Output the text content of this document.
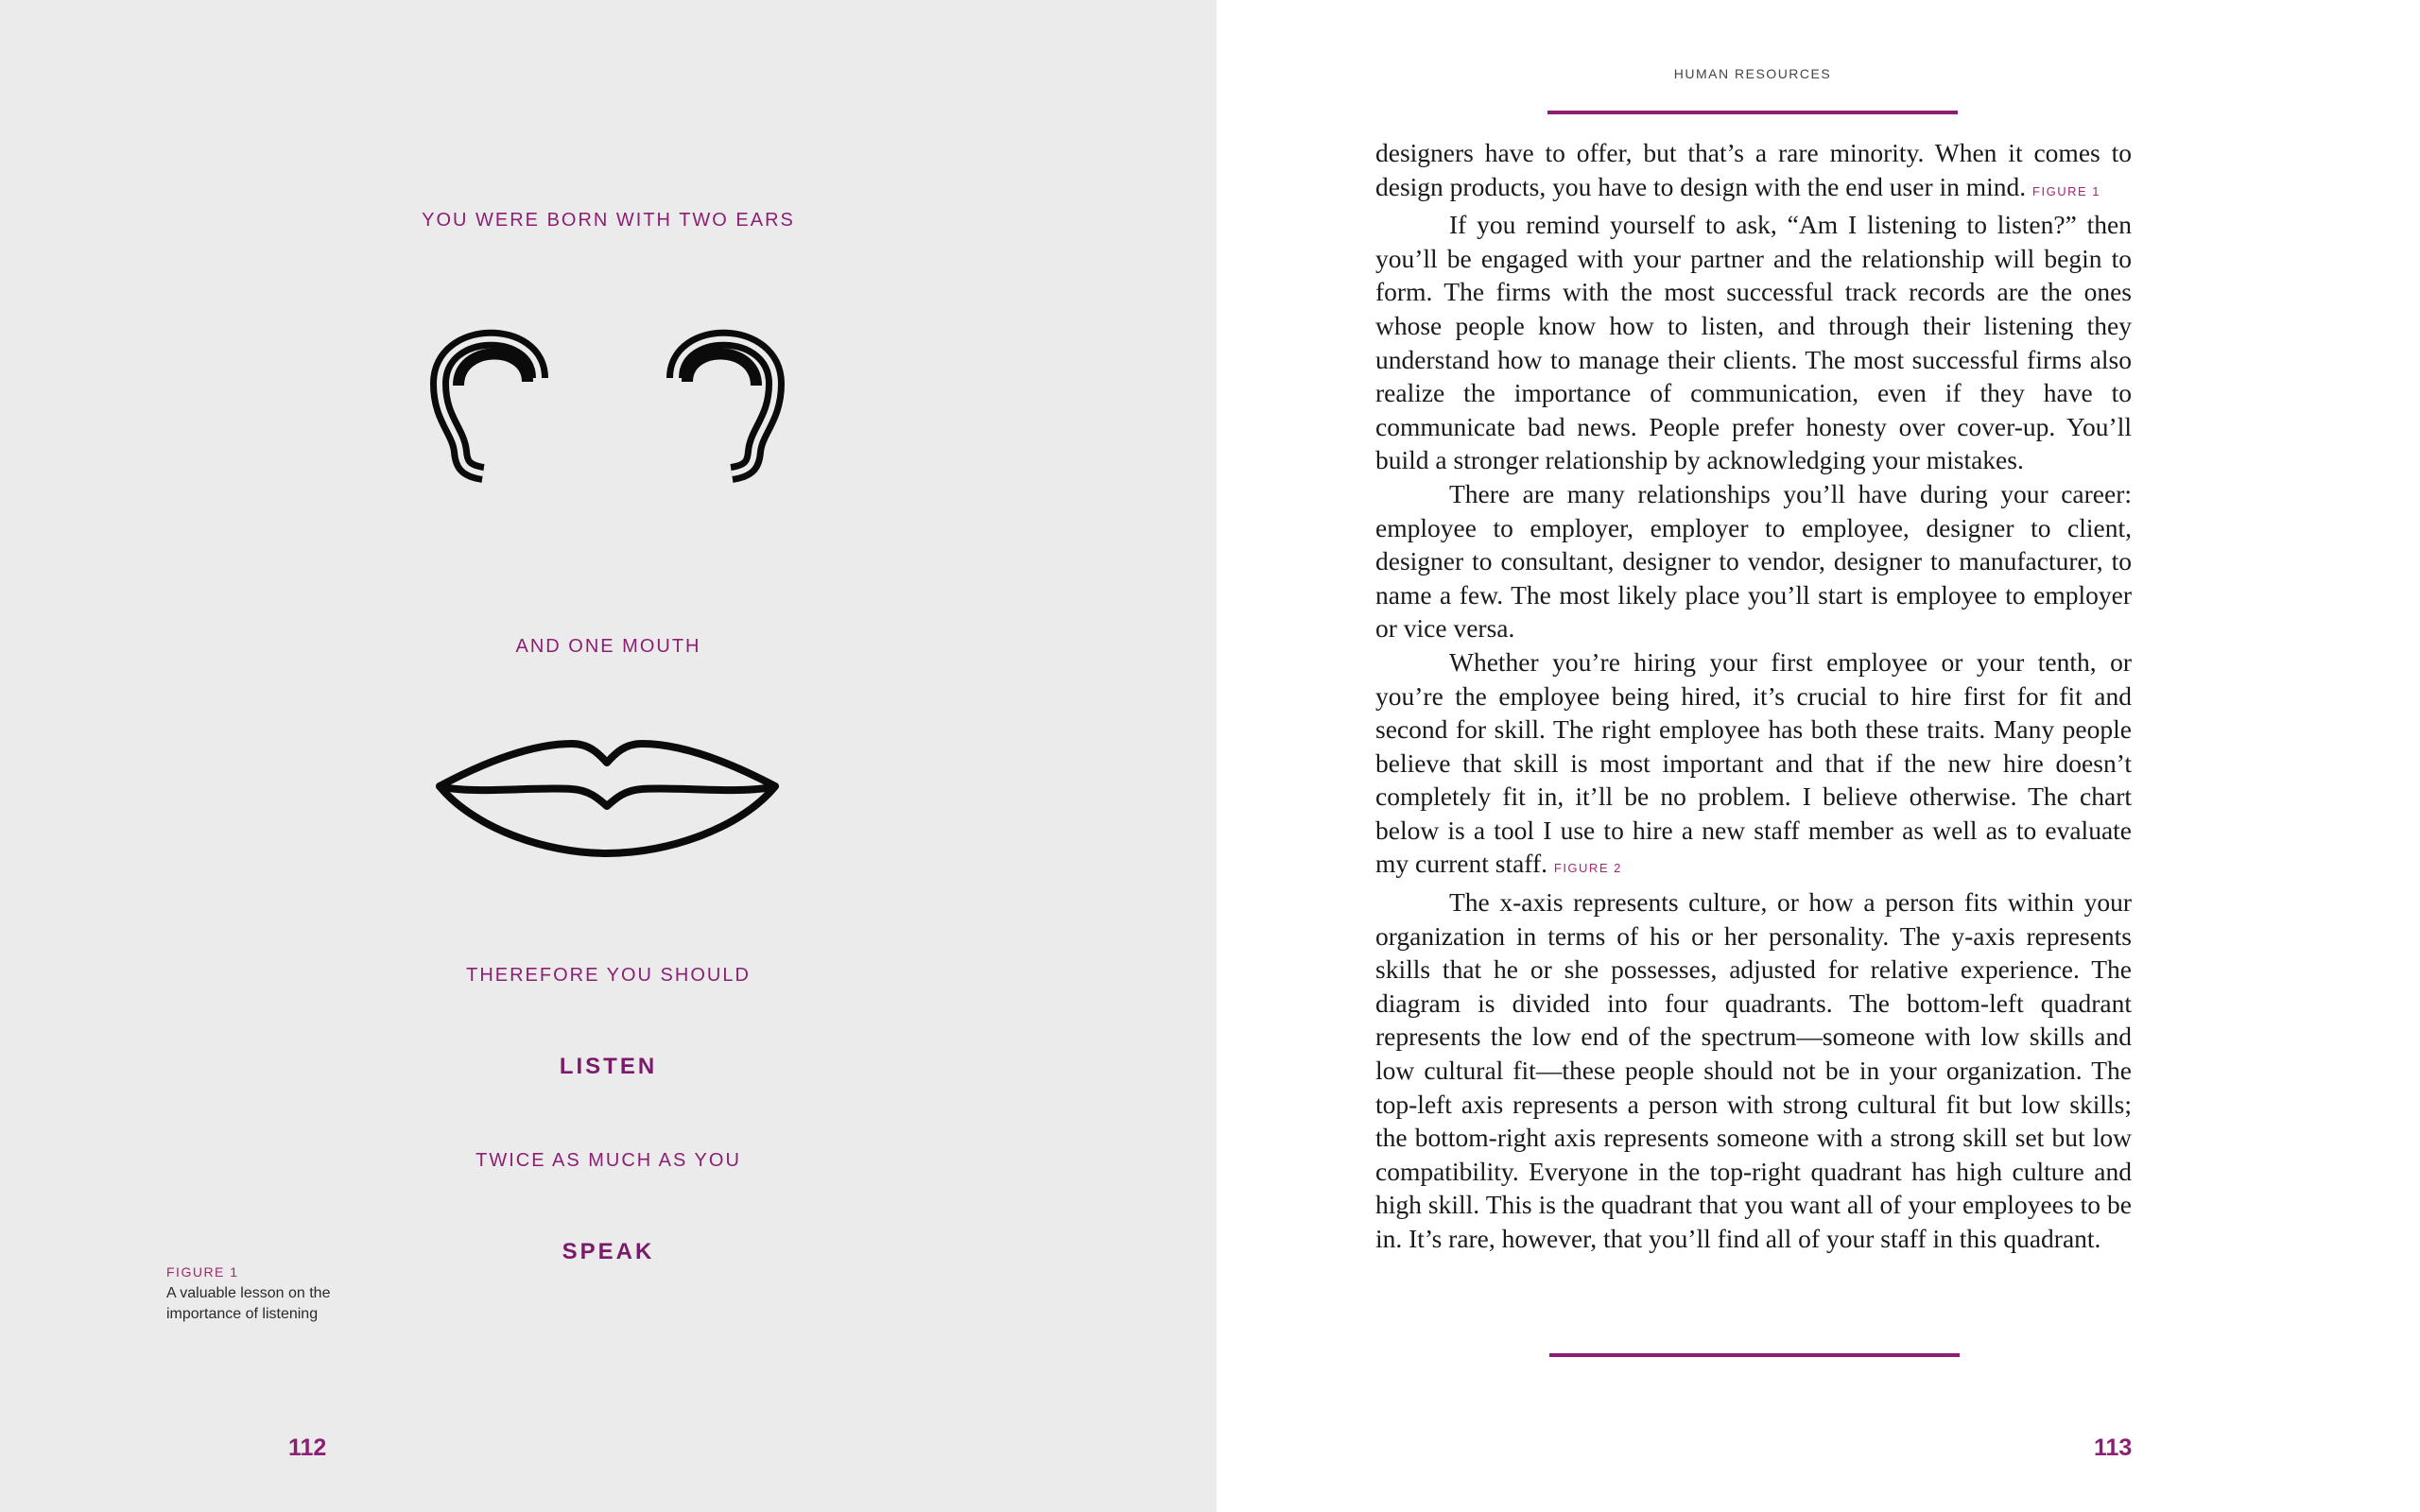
YOU WERE BORN WITH TWO EARS
AND ONE MOUTH
THEREFORE YOU SHOULD
LISTEN
TWICE AS MUCH AS YOU
SPEAK
FIGURE 1
A valuable lesson on the importance of listening
112
HUMAN RESOURCES

designers have to offer, but that’s a rare minority. When it comes to design products, you have to design with the end user in mind. FIGURE 1

If you remind yourself to ask, “Am I listening to listen?” then you’ll be engaged with your partner and the relationship will begin to form. The firms with the most successful track records are the ones whose people know how to listen, and through their listening they understand how to manage their clients. The most successful firms also realize the importance of communication, even if they have to communicate bad news. People prefer honesty over cover-up. You’ll build a stronger relationship by acknowledging your mistakes.

There are many relationships you’ll have during your career: employee to employer, employer to employee, designer to client, designer to consultant, designer to vendor, designer to manufacturer, to name a few. The most likely place you’ll start is employee to employer or vice versa.

Whether you’re hiring your first employee or your tenth, or you’re the employee being hired, it’s crucial to hire first for fit and second for skill. The right employee has both these traits. Many people believe that skill is most important and that if the new hire doesn’t completely fit in, it’ll be no problem. I believe otherwise. The chart below is a tool I use to hire a new staff member as well as to evaluate my current staff. FIGURE 2

The x-axis represents culture, or how a person fits within your organization in terms of his or her personality. The y-axis represents skills that he or she possesses, adjusted for relative experience. The diagram is divided into four quadrants. The bottom-left quadrant represents the low end of the spectrum—someone with low skills and low cultural fit—these people should not be in your organization. The top-left axis represents a person with strong cultural fit but low skills; the bottom-right axis represents someone with a strong skill set but low compatibility. Everyone in the top-right quadrant has high culture and high skill. This is the quadrant that you want all of your employees to be in. It’s rare, however, that you’ll find all of your staff in this quadrant.

113
